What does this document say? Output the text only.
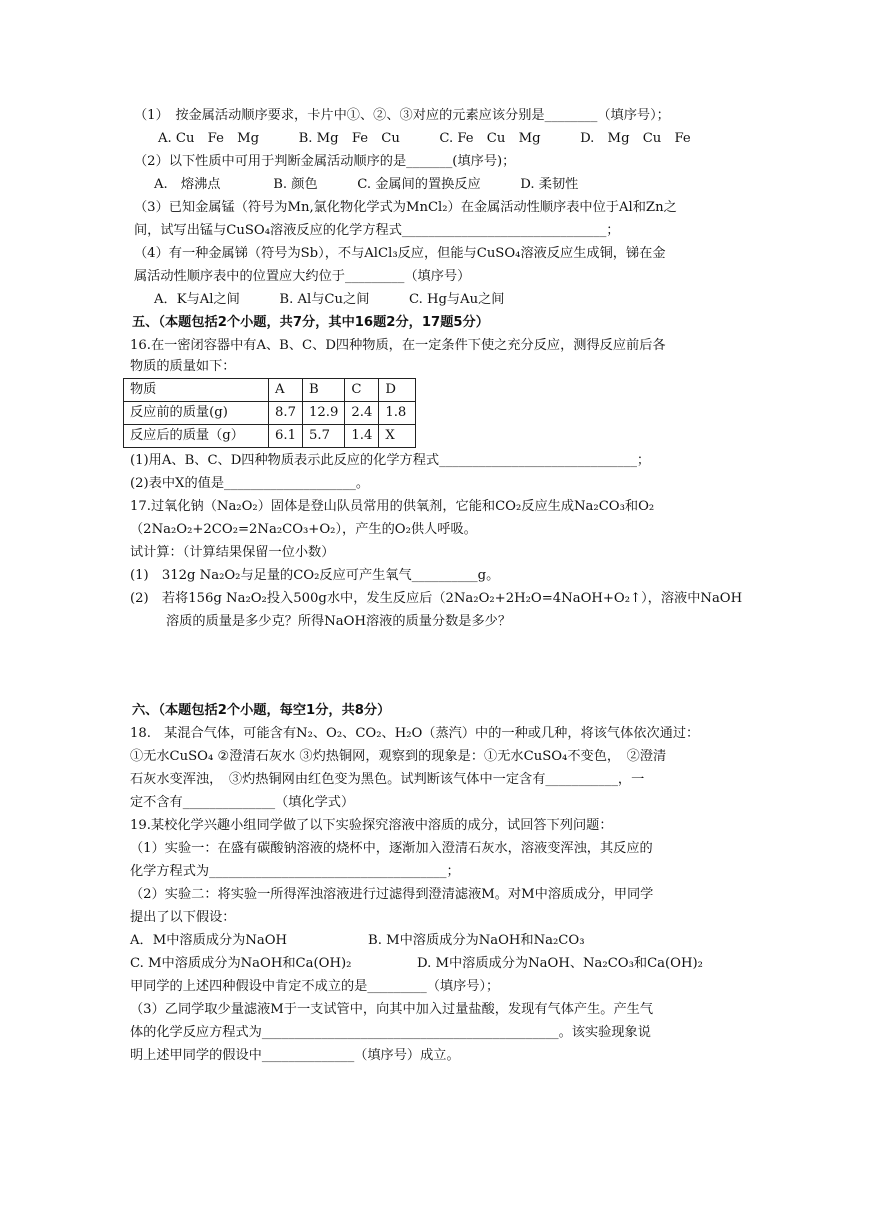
（1）　按金属活动顺序要求，卡片中①、②、③对应的元素应该分别是________（填序号）；
A. Cu　Fe　Mg　　　B. Mg　Fe　Cu　　　C. Fe　Cu　Mg　　　D.　Mg　Cu　Fe
（2）以下性质中可用于判断金属活动顺序的是_______(填序号)；
A.　熔沸点　　　　B. 颜色　　　C. 金属间的置换反应　　　D. 柔韧性
（3）已知金属锰（符号为Mn,氯化物化学式为MnCl₂）在金属活动性顺序表中位于Al和Zn之
间，试写出锰与CuSO₄溶液反应的化学方程式_______________________________；
（4）有一种金属锑（符号为Sb），不与AlCl₃反应，但能与CuSO₄溶液反应生成铜，锑在金
属活动性顺序表中的位置应大约位于_________（填序号）
A．K与Al之间　　　B. Al与Cu之间　　　C. Hg与Au之间
五、（本题包括2个小题，共7分，其中16题2分，17题5分）
16.在一密闭容器中有A、B、C、D四种物质，在一定条件下使之充分反应，测得反应前后各
物质的质量如下：
物质	A	B	C	D
反应前的质量(g)	8.7	12.9	2.4	1.8
反应后的质量（g）	6.1	5.7	1.4	X
(1)用A、B、C、D四种物质表示此反应的化学方程式______________________________；
(2)表中X的值是____________________。
17.过氧化钠（Na₂O₂）固体是登山队员常用的供氧剂，它能和CO₂反应生成Na₂CO₃和O₂
（2Na₂O₂+2CO₂=2Na₂CO₃+O₂），产生的O₂供人呼吸。
试计算：（计算结果保留一位小数）
(1)　312g Na₂O₂与足量的CO₂反应可产生氧气__________g。
(2)　若将156g Na₂O₂投入500g水中，发生反应后（2Na₂O₂+2H₂O=4NaOH+O₂↑），溶液中NaOH
溶质的质量是多少克？所得NaOH溶液的质量分数是多少？
六、（本题包括2个小题，每空1分，共8分）
18.　某混合气体，可能含有N₂、O₂、CO₂、H₂O（蒸汽）中的一种或几种，将该气体依次通过：
①无水CuSO₄ ②澄清石灰水 ③灼热铜网，观察到的现象是：①无水CuSO₄不变色，　②澄清
石灰水变浑浊，　③灼热铜网由红色变为黑色。试判断该气体中一定含有___________，一
定不含有______________（填化学式）
19.某校化学兴趣小组同学做了以下实验探究溶液中溶质的成分，试回答下列问题：
（1）实验一：在盛有碳酸钠溶液的烧杯中，逐渐加入澄清石灰水，溶液变浑浊，其反应的
化学方程式为____________________________________；
（2）实验二：将实验一所得浑浊溶液进行过滤得到澄清滤液M。对M中溶质成分，甲同学
提出了以下假设：
A．M中溶质成分为NaOH	B. M中溶质成分为NaOH和Na₂CO₃
C. M中溶质成分为NaOH和Ca(OH)₂	D. M中溶质成分为NaOH、Na₂CO₃和Ca(OH)₂
甲同学的上述四种假设中肯定不成立的是_________（填序号）；
（3）乙同学取少量滤液M于一支试管中，向其中加入过量盐酸，发现有气体产生。产生气
体的化学反应方程式为_____________________________________________。该实验现象说
明上述甲同学的假设中______________（填序号）成立。
